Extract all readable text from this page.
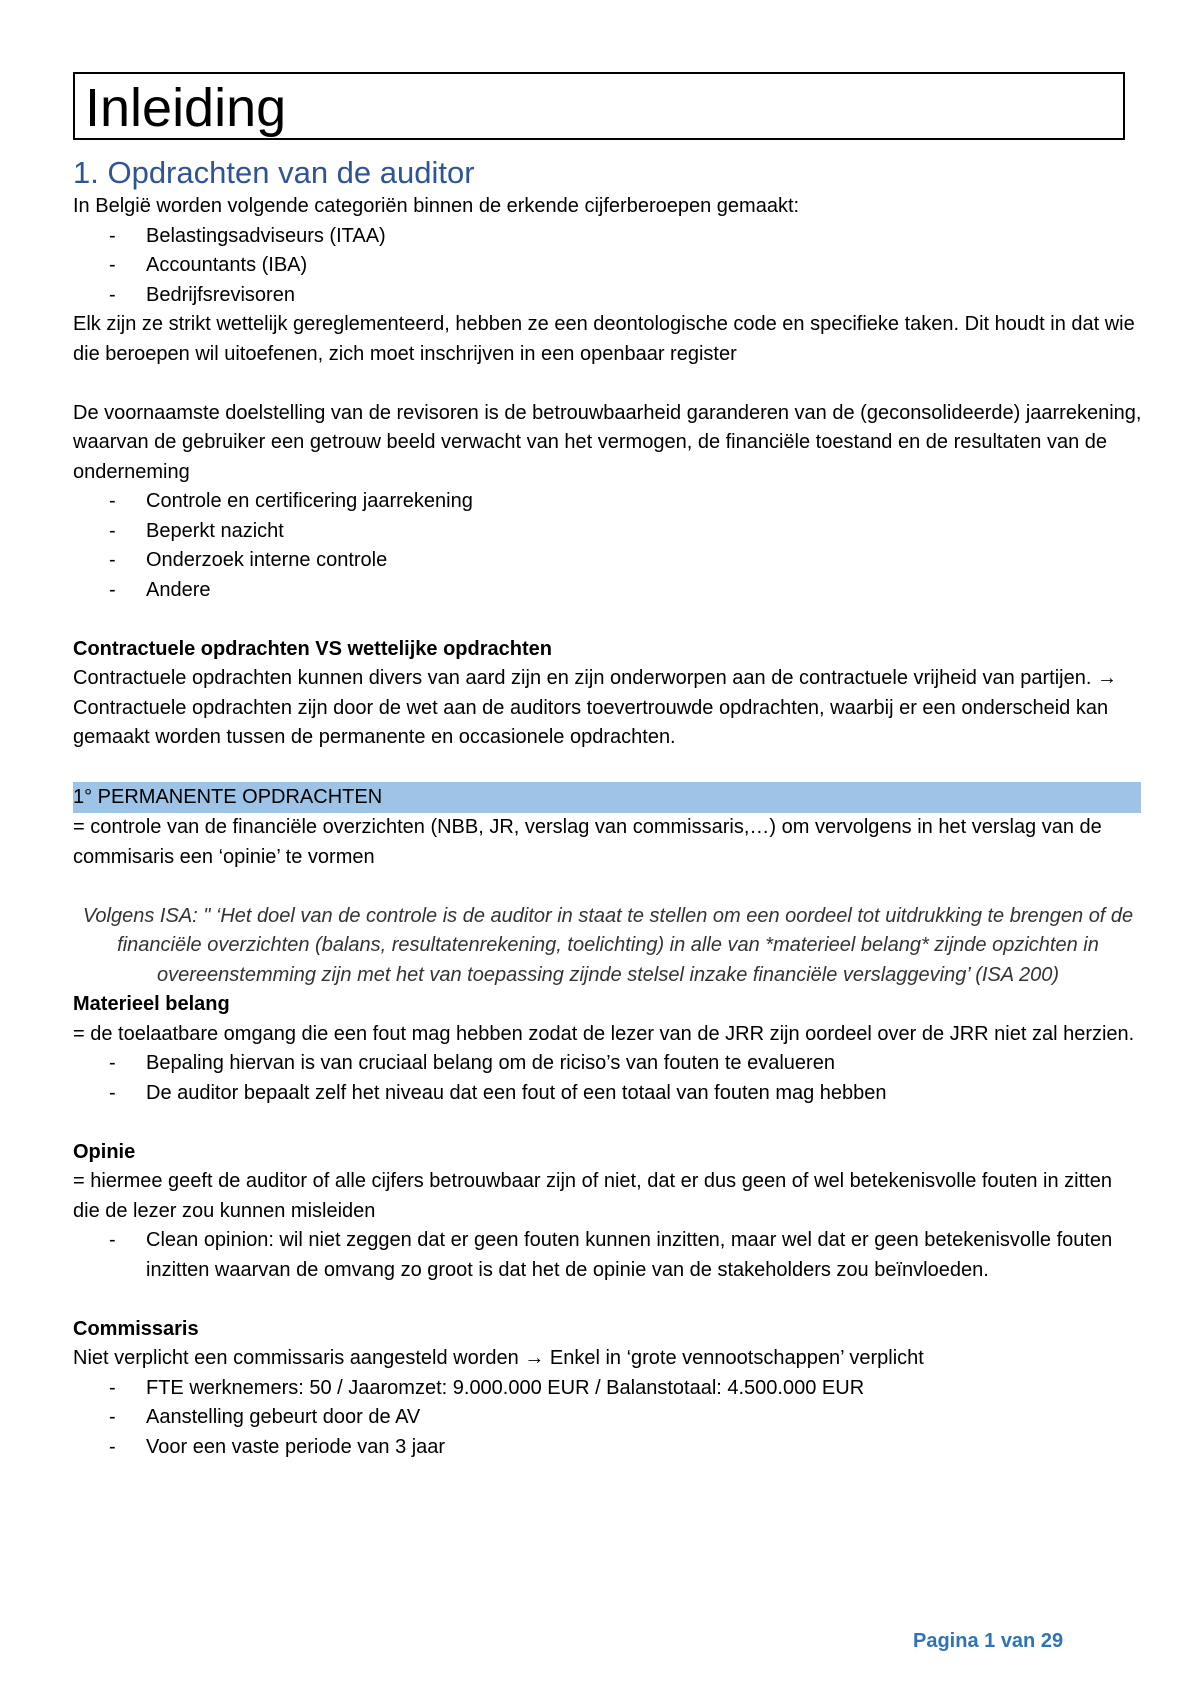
Inleiding
1. Opdrachten van de auditor
In België worden volgende categoriën binnen de erkende cijferberoepen gemaakt:
- Belastingsadviseurs (ITAA)
- Accountants (IBA)
- Bedrijfsrevisoren
Elk zijn ze strikt wettelijk gereglementeerd, hebben ze een deontologische code en specifieke taken. Dit houdt in dat wie die beroepen wil uitoefenen, zich moet inschrijven in een openbaar register
De voornaamste doelstelling van de revisoren is de betrouwbaarheid garanderen van de (geconsolideerde) jaarrekening, waarvan de gebruiker een getrouw beeld verwacht van het vermogen, de financiële toestand en de resultaten van de onderneming
- Controle en certificering jaarrekening
- Beperkt nazicht
- Onderzoek interne controle
- Andere
Contractuele opdrachten VS wettelijke opdrachten
Contractuele opdrachten kunnen divers van aard zijn en zijn onderworpen aan de contractuele vrijheid van partijen. → Contractuele opdrachten zijn door de wet aan de auditors toevertrouwde opdrachten, waarbij er een onderscheid kan gemaakt worden tussen de permanente en occasionele opdrachten.
1° PERMANENTE OPDRACHTEN
= controle van de financiële overzichten (NBB, JR, verslag van commissaris,…) om vervolgens in het verslag van de commisaris een ‘opinie’ te vormen
Volgens ISA: " ‘Het doel van de controle is de auditor in staat te stellen om een oordeel tot uitdrukking te brengen of de financiële overzichten (balans, resultatenrekening, toelichting) in alle van *materieel belang* zijnde opzichten in overeenstemming zijn met het van toepassing zijnde stelsel inzake financiële verslaggeving’ (ISA 200)
Materieel belang
= de toelaatbare omgang die een fout mag hebben zodat de lezer van de JRR zijn oordeel over de JRR niet zal herzien.
- Bepaling hiervan is van cruciaal belang om de riciso’s van fouten te evalueren
- De auditor bepaalt zelf het niveau dat een fout of een totaal van fouten mag hebben
Opinie
= hiermee geeft de auditor of alle cijfers betrouwbaar zijn of niet, dat er dus geen of wel betekenisvolle fouten in zitten die de lezer zou kunnen misleiden
- Clean opinion: wil niet zeggen dat er geen fouten kunnen inzitten, maar wel dat er geen betekenisvolle fouten inzitten waarvan de omvang zo groot is dat het de opinie van de stakeholders zou beïnvloeden.
Commissaris
Niet verplicht een commissaris aangesteld worden → Enkel in ‘grote vennootschappen’ verplicht
- FTE werknemers: 50 / Jaaromzet: 9.000.000 EUR / Balanstotaal: 4.500.000 EUR
- Aanstelling gebeurt door de AV
- Voor een vaste periode van 3 jaar
Pagina 1 van 29
